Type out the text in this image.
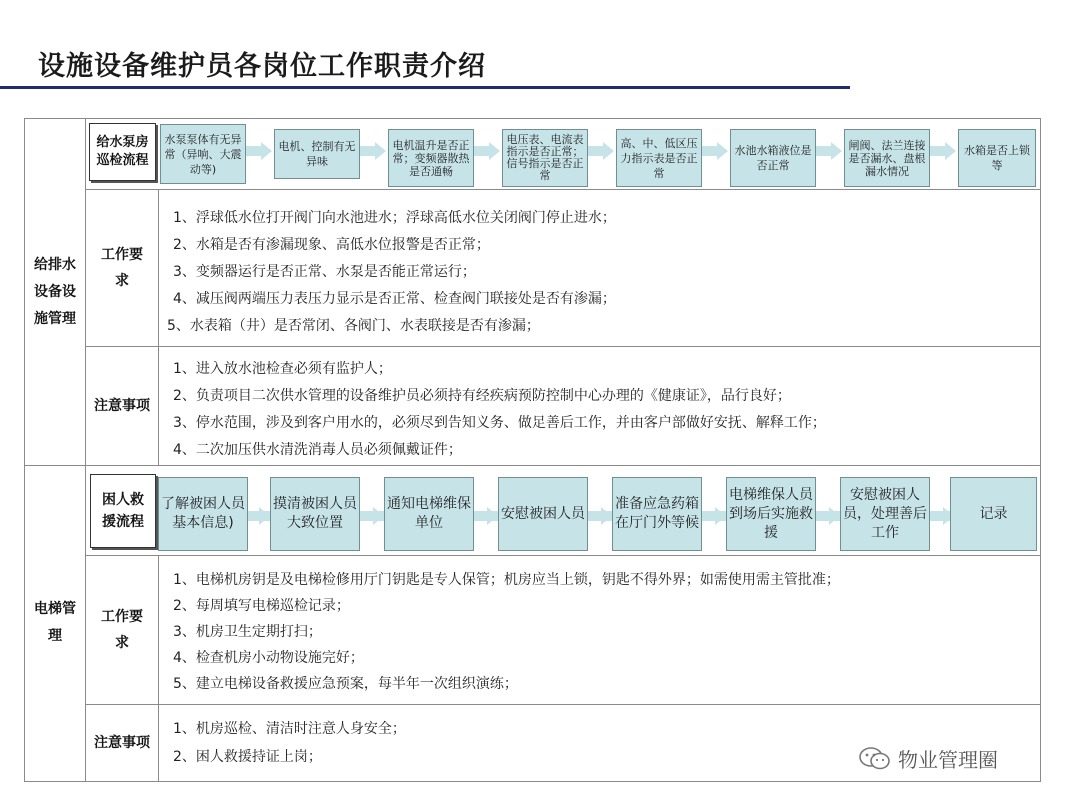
设施设备维护员各岗位工作职责介绍
给排水设备设施管理
给水泵房巡检流程
水泵泵体有无异常（异响、大震动等)
电机、控制有无异味
电机温升是否正常；变频器散热是否通畅
电压表、电流表指示是否正常；信号指示是否正常
高、中、低区压力指示表是否正常
水池水箱液位是否正常
闸阀、法兰连接是否漏水、盘根漏水情况
水箱是否上锁等
工作要求
1、浮球低水位打开阀门向水池进水；浮球高低水位关闭阀门停止进水；
2、水箱是否有渗漏现象、高低水位报警是否正常；
3、变频器运行是否正常、水泵是否能正常运行；
4、减压阀两端压力表压力显示是否正常、检查阀门联接处是否有渗漏；
5、水表箱（井）是否常闭、各阀门、水表联接是否有渗漏；
注意事项
1、进入放水池检查必须有监护人；
2、负责项目二次供水管理的设备维护员必须持有经疾病预防控制中心办理的《健康证》，品行良好；
3、停水范围，涉及到客户用水的，必须尽到告知义务、做足善后工作，并由客户部做好安抚、解释工作；
4、二次加压供水清洗消毒人员必须佩戴证件；
电梯管理
困人救援流程
了解被困人员基本信息)
摸清被困人员大致位置
通知电梯维保单位
安慰被困人员
准备应急药箱在厅门外等候
电梯维保人员到场后实施救援
安慰被困人员，处理善后工作
记录
工作要求
1、电梯机房钥是及电梯检修用厅门钥匙是专人保管；机房应当上锁，钥匙不得外界；如需使用需主管批准；
2、每周填写电梯巡检记录；
3、机房卫生定期打扫；
4、检查机房小动物设施完好；
5、建立电梯设备救援应急预案，每半年一次组织演练；
注意事项
1、机房巡检、清洁时注意人身安全；
2、困人救援持证上岗；	物业管理圈
